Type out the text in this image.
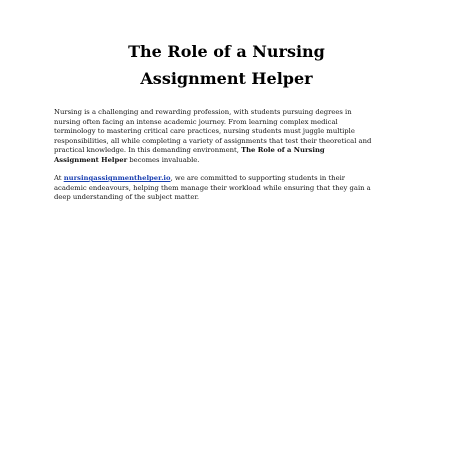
The Role of a Nursing
Assignment Helper

Nursing is a challenging and rewarding profession, with students pursuing degrees in
nursing often facing an intense academic journey. From learning complex medical
terminology to mastering critical care practices, nursing students must juggle multiple
responsibilities, all while completing a variety of assignments that test their theoretical and
practical knowledge. In this demanding environment, The Role of a Nursing
Assignment Helper becomes invaluable.

At nursingassignmenthelper.io, we are committed to supporting students in their
academic endeavours, helping them manage their workload while ensuring that they gain a
deep understanding of the subject matter.
